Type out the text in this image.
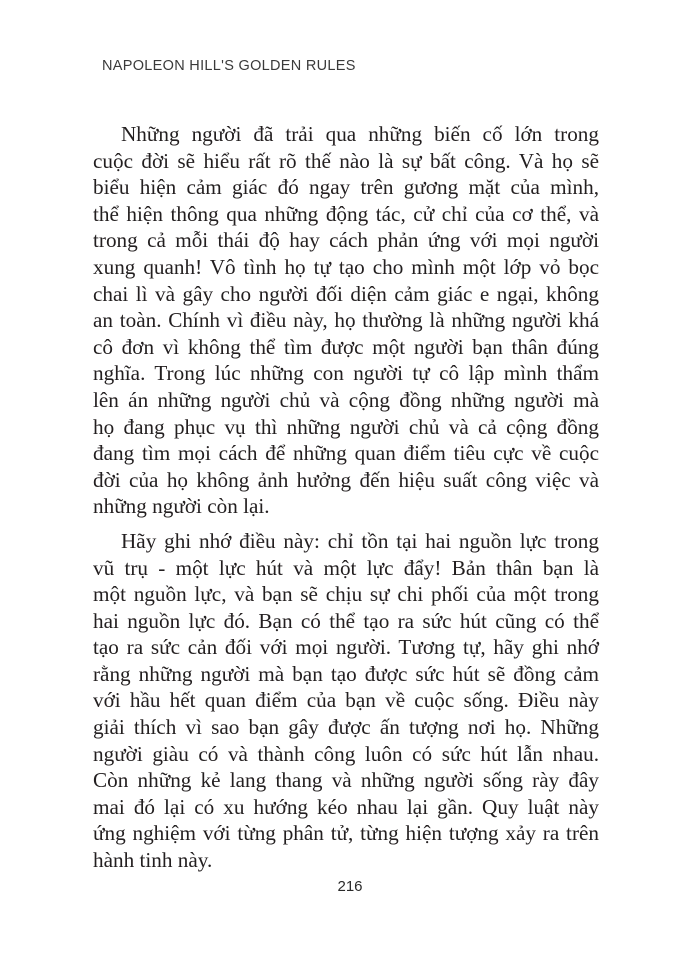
NAPOLEON HILL'S GOLDEN RULES
Những người đã trải qua những biến cố lớn trong
cuộc đời sẽ hiểu rất rõ thế nào là sự bất công. Và họ sẽ
biểu hiện cảm giác đó ngay trên gương mặt của mình,
thể hiện thông qua những động tác, cử chỉ của cơ thể, và
trong cả mỗi thái độ hay cách phản ứng với mọi người
xung quanh! Vô tình họ tự tạo cho mình một lớp vỏ bọc
chai lì và gây cho người đối diện cảm giác e ngại, không
an toàn. Chính vì điều này, họ thường là những người khá
cô đơn vì không thể tìm được một người bạn thân đúng
nghĩa. Trong lúc những con người tự cô lập mình thẩm
lên án những người chủ và cộng đồng những người mà
họ đang phục vụ thì những người chủ và cả cộng đồng
đang tìm mọi cách để những quan điểm tiêu cực về cuộc
đời của họ không ảnh hưởng đến hiệu suất công việc và
những người còn lại.
Hãy ghi nhớ điều này: chỉ tồn tại hai nguồn lực trong
vũ trụ - một lực hút và một lực đẩy! Bản thân bạn là
một nguồn lực, và bạn sẽ chịu sự chi phối của một trong
hai nguồn lực đó. Bạn có thể tạo ra sức hút cũng có thể
tạo ra sức cản đối với mọi người. Tương tự, hãy ghi nhớ
rằng những người mà bạn tạo được sức hút sẽ đồng cảm
với hầu hết quan điểm của bạn về cuộc sống. Điều này
giải thích vì sao bạn gây được ấn tượng nơi họ. Những
người giàu có và thành công luôn có sức hút lẫn nhau.
Còn những kẻ lang thang và những người sống rày đây
mai đó lại có xu hướng kéo nhau lại gần. Quy luật này
ứng nghiệm với từng phân tử, từng hiện tượng xảy ra trên
hành tinh này.
216
